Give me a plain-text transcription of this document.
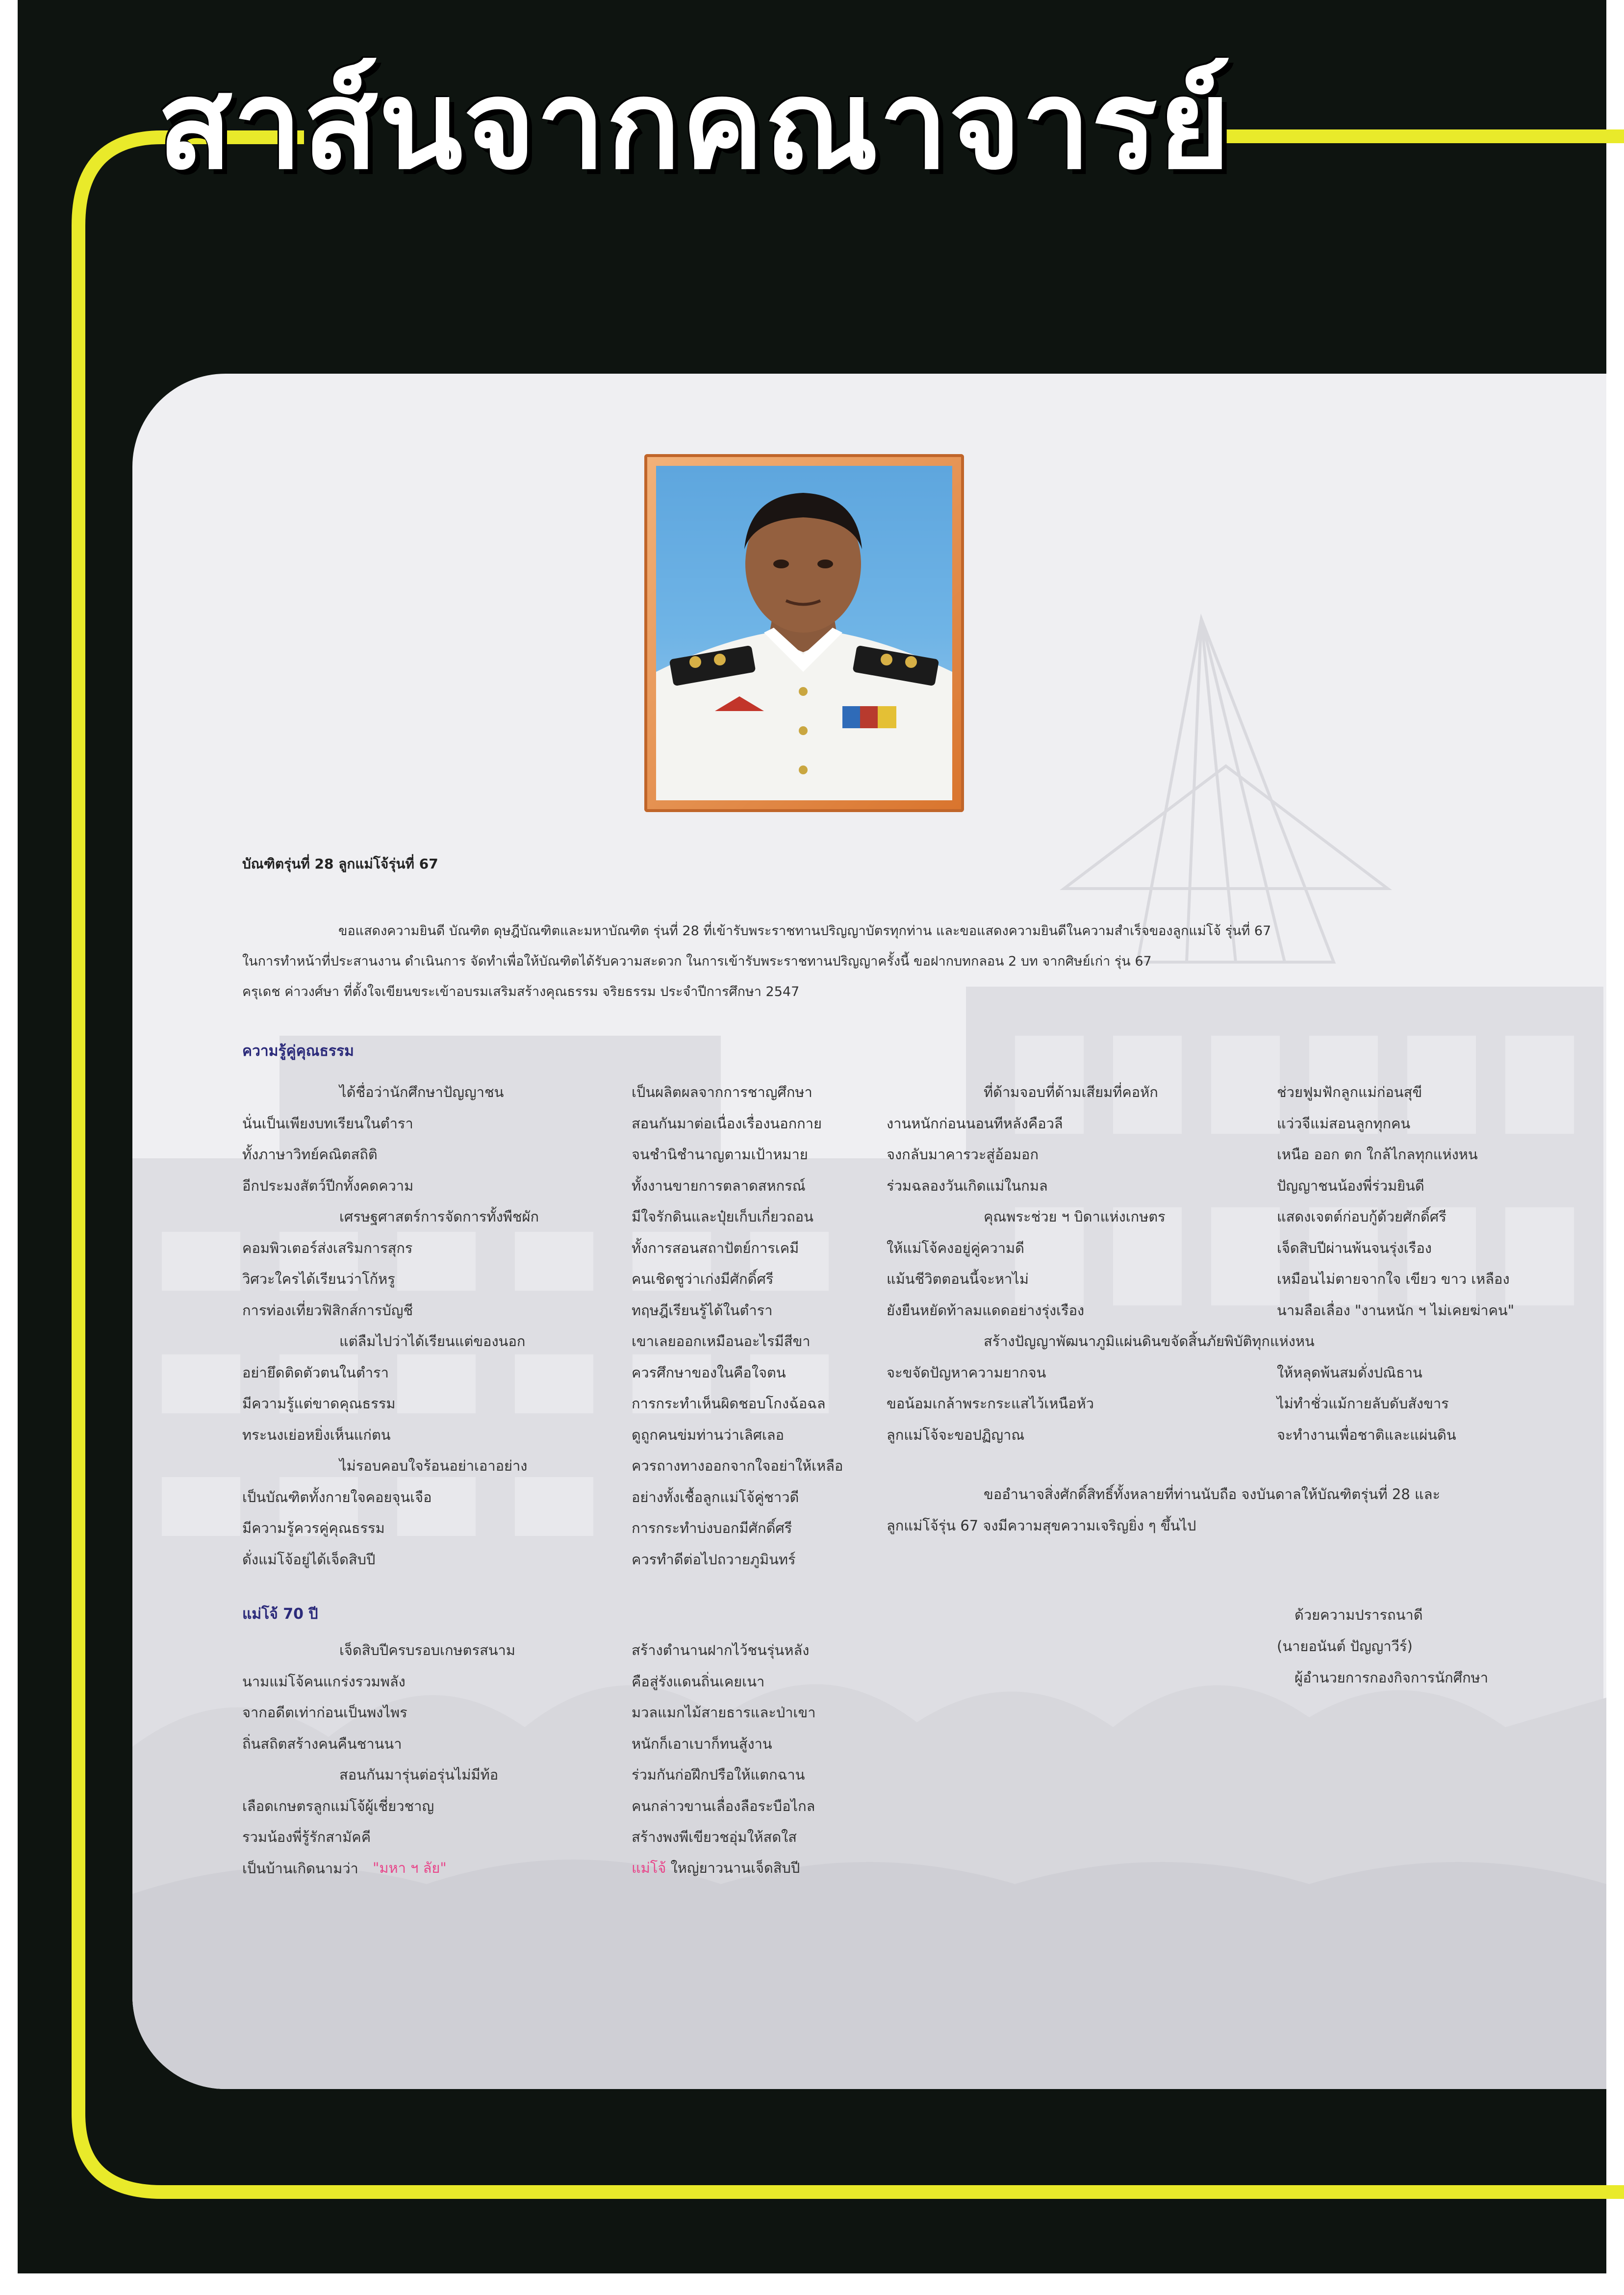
สาส์นจากคณาจารย์
บัณฑิตรุ่นที่ 28 ลูกแม่โจ้รุ่นที่ 67
ขอแสดงความยินดี บัณฑิต ดุษฎีบัณฑิตและมหาบัณฑิต รุ่นที่ 28 ที่เข้ารับพระราชทานปริญญาบัตรทุกท่าน และขอแสดงความยินดีในความสำเร็จของลูกแม่โจ้ รุ่นที่ 67
ในการทำหน้าที่ประสานงาน ดำเนินการ จัดทำเพื่อให้บัณฑิตได้รับความสะดวก ในการเข้ารับพระราชทานปริญญาครั้งนี้ ขอฝากบทกลอน 2 บท จากศิษย์เก่า รุ่น 67
ครุเดช ค่าวงศ์ษา ที่ตั้งใจเขียนขระเข้าอบรมเสริมสร้างคุณธรรม จริยธรรม ประจำปีการศึกษา 2547
ความรู้คู่คุณธรรม
ได้ชื่อว่านักศึกษาปัญญาชน
นั่นเป็นเพียงบทเรียนในตำรา
ทั้งภาษาวิทย์คณิตสถิติ
อีกประมงสัตว์ปีกทั้งคดความ
เศรษฐศาสตร์การจัดการทั้งพืชผัก
คอมพิวเตอร์ส่งเสริมการสุกร
วิศวะใครได้เรียนว่าโก้หรู
การท่องเที่ยวฟิสิกส์การบัญชี
แต่ลืมไปว่าได้เรียนแต่ของนอก
อย่ายึดติดตัวตนในตำรา
มีความรู้แต่ขาดคุณธรรม
ทระนงเย่อหยิ่งเห็นแก่ตน
ไม่รอบคอบใจร้อนอย่าเอาอย่าง
เป็นบัณฑิตทั้งกายใจคอยจุนเจือ
มีความรู้ควรคู่คุณธรรม
ดั่งแม่โจ้อยู่ได้เจ็ดสิบปี
เป็นผลิตผลจากการชาญศึกษา
สอนกันมาต่อเนื่องเรื่องนอกกาย
จนชำนิชำนาญตามเป้าหมาย
ทั้งงานขายการตลาดสหกรณ์
มีใจรักดินและปุ๋ยเก็บเกี่ยวถอน
ทั้งการสอนสถาปัตย์การเคมี
คนเชิดชูว่าเก่งมีศักดิ์ศรี
ทฤษฎีเรียนรู้ได้ในตำรา
เขาเลยออกเหมือนอะไรมีสีขา
ควรศึกษาของในคือใจตน
การกระทำเห็นผิดชอบโกงฉ้อฉล
ดูถูกคนข่มท่านว่าเลิศเลอ
ควรถางทางออกจากใจอย่าให้เหลือ
อย่างทั้งเชื้อลูกแม่โจ้คู่ชาวดี
การกระทำบ่งบอกมีศักดิ์ศรี
ควรทำดีต่อไปถวายภูมินทร์
ที่ด้ามจอบที่ด้ามเสียมที่คอหัก
งานหนักก่อนนอนทีหลังคือวลี
จงกลับมาคารวะสู่อ้อมอก
ร่วมฉลองวันเกิดแม่ในกมล
คุณพระช่วย ฯ บิดาแห่งเกษตร
ให้แม่โจ้คงอยู่คู่ความดี
แม้นชีวิตตอนนี้จะหาไม่
ยังยืนหยัดท้าลมแดดอย่างรุ่งเรือง
สร้างปัญญาพัฒนาภูมิแผ่นดินขจัดสิ้นภัยพิบัติทุกแห่งหน
จะขจัดปัญหาความยากจน
ขอน้อมเกล้าพระกระแสไว้เหนือหัว
ลูกแม่โจ้จะขอปฏิญาณ
ช่วยฟูมฟักลูกแม่ก่อนสุขี
แว่วจีแม่สอนลูกทุกคน
เหนือ ออก ตก ใกล้ไกลทุกแห่งหน
ปัญญาชนน้องพี่ร่วมยินดี
แสดงเจตต์ก่อบกู้ด้วยศักดิ์ศรี
เจ็ดสิบปีผ่านพ้นจนรุ่งเรือง
เหมือนไม่ตายจากใจ เขียว ขาว เหลือง
นามลือเลื่อง "งานหนัก ฯ ไม่เคยฆ่าคน"
ให้หลุดพ้นสมดั่งปณิธาน
ไม่ทำชั่วแม้กายลับดับสังขาร
จะทำงานเพื่อชาติและแผ่นดิน
ขออำนาจสิ่งศักดิ์สิทธิ์ทั้งหลายที่ท่านนับถือ จงบันดาลให้บัณฑิตรุ่นที่ 28 และ
ลูกแม่โจ้รุ่น 67 จงมีความสุขความเจริญยิ่ง ๆ ขึ้นไป
แม่โจ้ 70 ปี
เจ็ดสิบปีครบรอบเกษตรสนาม
นามแม่โจ้คนแกร่งรวมพลัง
จากอดีตเท่าก่อนเป็นพงไพร
ถิ่นสถิตสร้างคนคืนชานนา
สอนกันมารุ่นต่อรุ่นไม่มีท้อ
เลือดเกษตรลูกแม่โจ้ผู้เชี่ยวชาญ
รวมน้องพี่รู้รักสามัคคี
เป็นบ้านเกิดนามว่า	"มหา ฯ ลัย"
สร้างตำนานฝากไว้ชนรุ่นหลัง
คือสู่รังแดนถิ่นเคยเนา
มวลแมกไม้สายธารและป่าเขา
หนักก็เอาเบาก็ทนสู้งาน
ร่วมกันก่อฝึกปรือให้แตกฉาน
คนกล่าวขานเลื่องลือระบือไกล
สร้างพงพีเขียวชอุ่มให้สดใส
แม่โจ้ ใหญ่ยาวนานเจ็ดสิบปี
ด้วยความปรารถนาดี
(นายอนันต์ ปัญญาวีร์)
ผู้อำนวยการกองกิจการนักศึกษา
